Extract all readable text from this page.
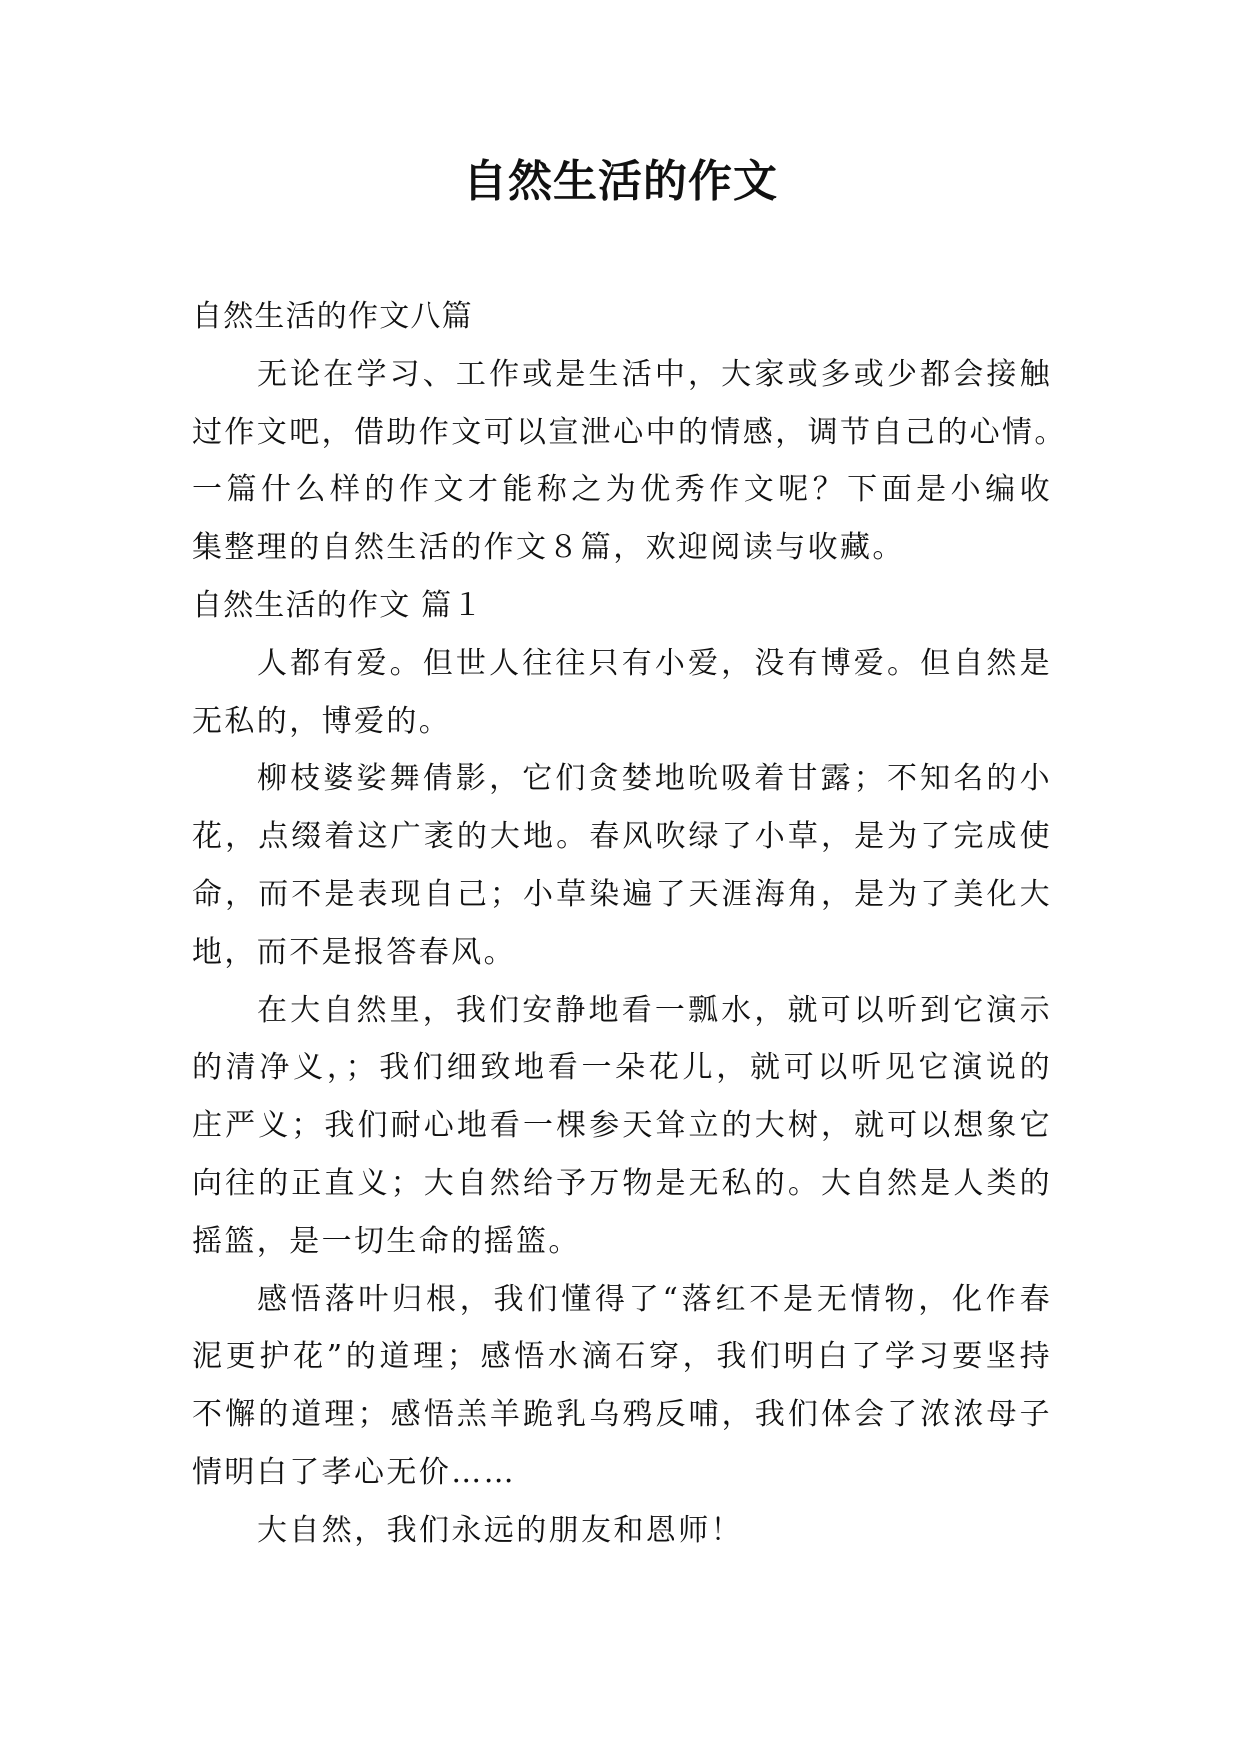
自然生活的作文

自然生活的作文八篇

无论在学习、工作或是生活中，大家或多或少都会接触

过作文吧，借助作文可以宣泄心中的情感，调节自己的心情。

一篇什么样的作文才能称之为优秀作文呢？下面是小编收

集整理的自然生活的作文８篇，欢迎阅读与收藏。

自然生活的作文 篇１

人都有爱。但世人往往只有小爱，没有博爱。但自然是

无私的，博爱的。

柳枝婆娑舞倩影，它们贪婪地吮吸着甘露；不知名的小

花，点缀着这广袤的大地。春风吹绿了小草，是为了完成使

命，而不是表现自己；小草染遍了天涯海角，是为了美化大

地，而不是报答春风。

在大自然里，我们安静地看一瓢水，就可以听到它演示

的清净义，；我们细致地看一朵花儿，就可以听见它演说的

庄严义；我们耐心地看一棵参天耸立的大树，就可以想象它

向往的正直义；大自然给予万物是无私的。大自然是人类的

摇篮，是一切生命的摇篮。

感悟落叶归根，我们懂得了“落红不是无情物，化作春

泥更护花”的道理；感悟水滴石穿，我们明白了学习要坚持

不懈的道理；感悟羔羊跪乳乌鸦反哺，我们体会了浓浓母子

情明白了孝心无价……

大自然，我们永远的朋友和恩师！
